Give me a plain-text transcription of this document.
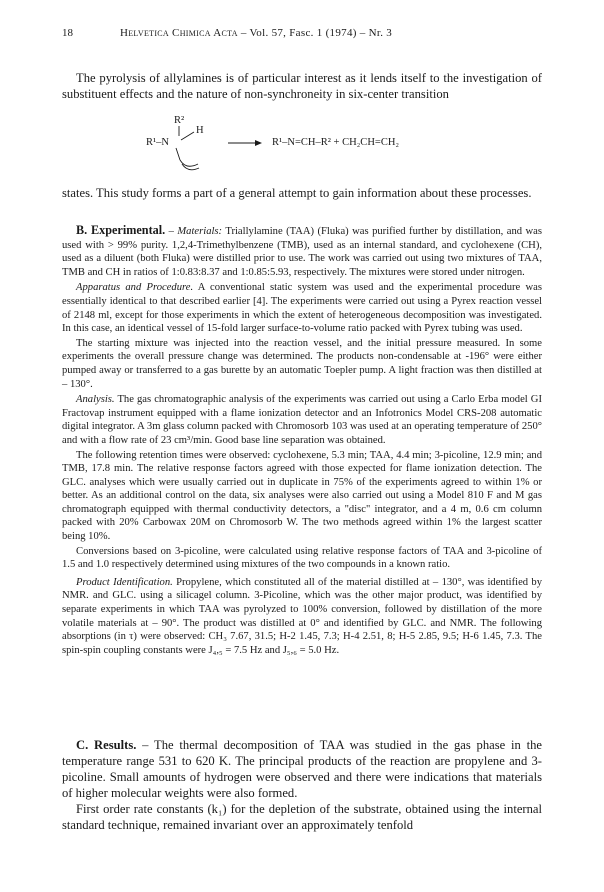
18	Helvetica Chimica Acta – Vol. 57, Fasc. 1 (1974) – Nr. 3

The pyrolysis of allylamines is of particular interest as it lends itself to the investigation of substituent effects and the nature of non-synchroneity in six-center transition

R²
R¹–N
H
R¹–N=CH–R² + CH₂CH=CH₂

states. This study forms a part of a general attempt to gain information about these processes.

B. Experimental. – Materials: Triallylamine (TAA) (Fluka) was purified further by distillation, and was used with > 99% purity. 1,2,4-Trimethylbenzene (TMB), used as an internal standard, and cyclohexene (CH), used as a diluent (both Fluka) were distilled prior to use. The work was carried out using two mixtures of TAA, TMB and CH in ratios of 1:0.83:8.37 and 1:0.85:5.93, respectively. The mixtures were stored under nitrogen.

Apparatus and Procedure. A conventional static system was used and the experimental procedure was essentially identical to that described earlier [4]. The experiments were carried out using a Pyrex reaction vessel of 2148 ml, except for those experiments in which the extent of heterogeneous decomposition was investigated. In this case, an identical vessel of 15-fold larger surface-to-volume ratio packed with Pyrex tubing was used.

The starting mixture was injected into the reaction vessel, and the initial pressure measured. In some experiments the overall pressure change was determined. The products non-condensable at -196° were either pumped away or transferred to a gas burette by an automatic Toepler pump. A light fraction was then distilled at – 130°.

Analysis. The gas chromatographic analysis of the experiments was carried out using a Carlo Erba model GI Fractovap instrument equipped with a flame ionization detector and an Infotronics Model CRS-208 automatic digital integrator. A 3m glass column packed with Chromosorb 103 was used at an operating temperature of 250° and with a flow rate of 23 cm³/min. Good base line separation was obtained.

The following retention times were observed: cyclohexene, 5.3 min; TAA, 4.4 min; 3-picoline, 12.9 min; and TMB, 17.8 min. The relative response factors agreed with those expected for flame ionization detection. The GLC. analyses which were usually carried out in duplicate in 75% of the experiments agreed to within 1% or better. As an additional control on the data, six analyses were also carried out using a Model 810 F and M gas chromatograph equipped with thermal conductivity detectors, a "disc" integrator, and a 4 m, 0.6 cm column packed with 20% Carbowax 20M on Chromosorb W. The two methods agreed within 1% the largest scatter being 10%.

Conversions based on 3-picoline, were calculated using relative response factors of TAA and 3-picoline of 1.5 and 1.0 respectively determined using mixtures of the two compounds in a known ratio.

Product Identification. Propylene, which constituted all of the material distilled at – 130°, was identified by NMR. and GLC. using a silicagel column. 3-Picoline, which was the other major product, was identified by separate experiments in which TAA was pyrolyzed to 100% conversion, followed by distillation of the more volatile materials at – 90°. The product was distilled at 0° and identified by GLC. and NMR. The following absorptions (in τ) were observed: CH₃ 7.67, 31.5; H-2 1.45, 7.3; H-4 2.51, 8; H-5 2.85, 9.5; H-6 1.45, 7.3. The spin-spin coupling constants were J₄,₅ = 7.5 Hz and J₅,₆ = 5.0 Hz.

C. Results. – The thermal decomposition of TAA was studied in the gas phase in the temperature range 531 to 620 K. The principal products of the reaction are propylene and 3-picoline. Small amounts of hydrogen were observed and there were indications that materials of higher molecular weights were also formed.

First order rate constants (k₁) for the depletion of the substrate, obtained using the internal standard technique, remained invariant over an approximately tenfold
